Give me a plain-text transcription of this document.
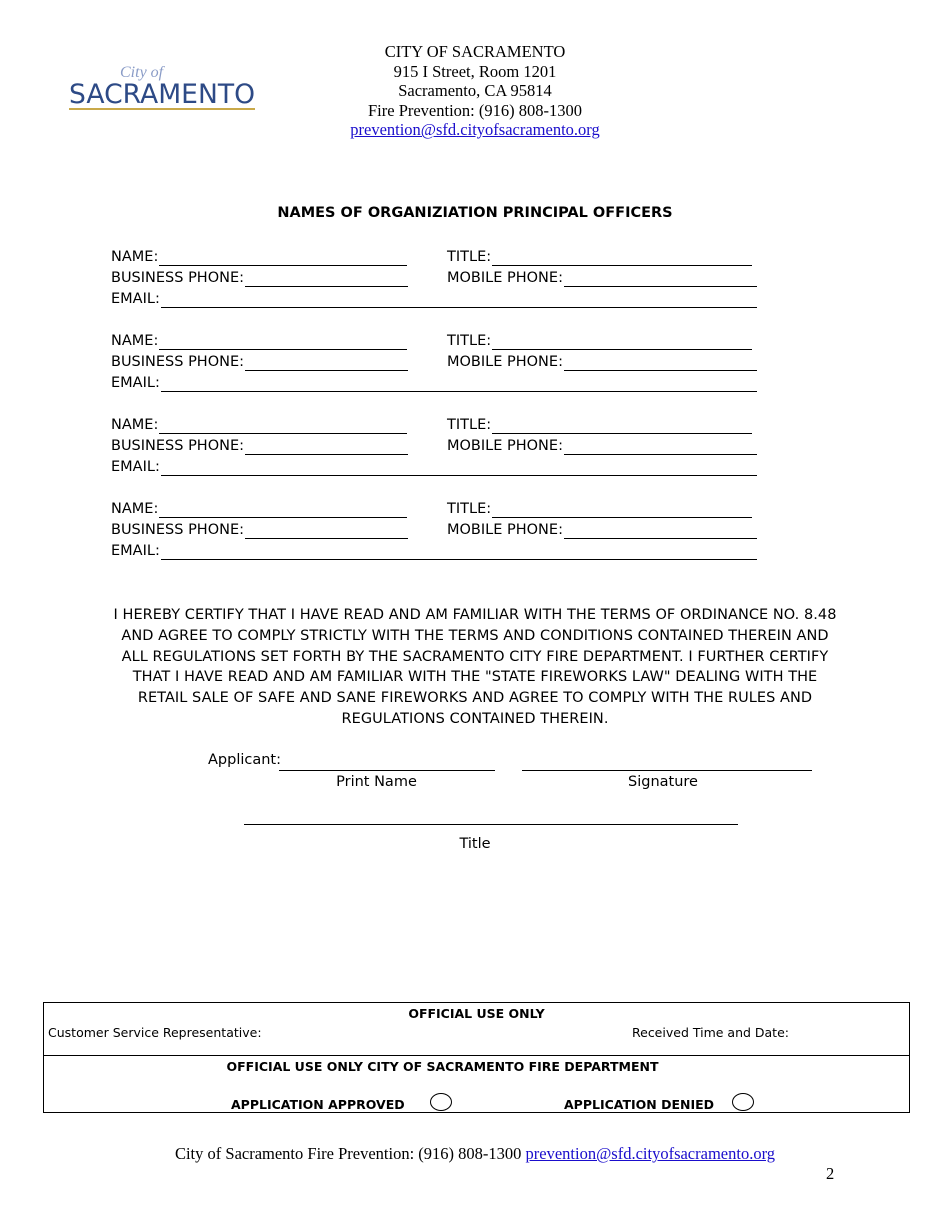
City of
SACRAMENTO
CITY OF SACRAMENTO
915 I Street, Room 1201
Sacramento, CA 95814
Fire Prevention: (916) 808-1300
prevention@sfd.cityofsacramento.org
NAMES OF ORGANIZIATION PRINCIPAL OFFICERS
NAME:	TITLE:
BUSINESS PHONE:	MOBILE PHONE:
EMAIL:
NAME:	TITLE:
BUSINESS PHONE:	MOBILE PHONE:
EMAIL:
NAME:	TITLE:
BUSINESS PHONE:	MOBILE PHONE:
EMAIL:
NAME:	TITLE:
BUSINESS PHONE:	MOBILE PHONE:
EMAIL:
I HEREBY CERTIFY THAT I HAVE READ AND AM FAMILIAR WITH THE TERMS OF ORDINANCE NO. 8.48 AND AGREE TO COMPLY STRICTLY WITH THE TERMS AND CONDITIONS CONTAINED THEREIN AND ALL REGULATIONS SET FORTH BY THE SACRAMENTO CITY FIRE DEPARTMENT. I FURTHER CERTIFY THAT I HAVE READ AND AM FAMILIAR WITH THE "STATE FIREWORKS LAW" DEALING WITH THE RETAIL SALE OF SAFE AND SANE FIREWORKS AND AGREE TO COMPLY WITH THE RULES AND REGULATIONS CONTAINED THEREIN.
Applicant:
Print Name	Signature
Title
OFFICIAL USE ONLY
Customer Service Representative:	Received Time and Date:
OFFICIAL USE ONLY CITY OF SACRAMENTO FIRE DEPARTMENT
APPLICATION APPROVED	APPLICATION DENIED
City of Sacramento Fire Prevention: (916) 808-1300 prevention@sfd.cityofsacramento.org
2
